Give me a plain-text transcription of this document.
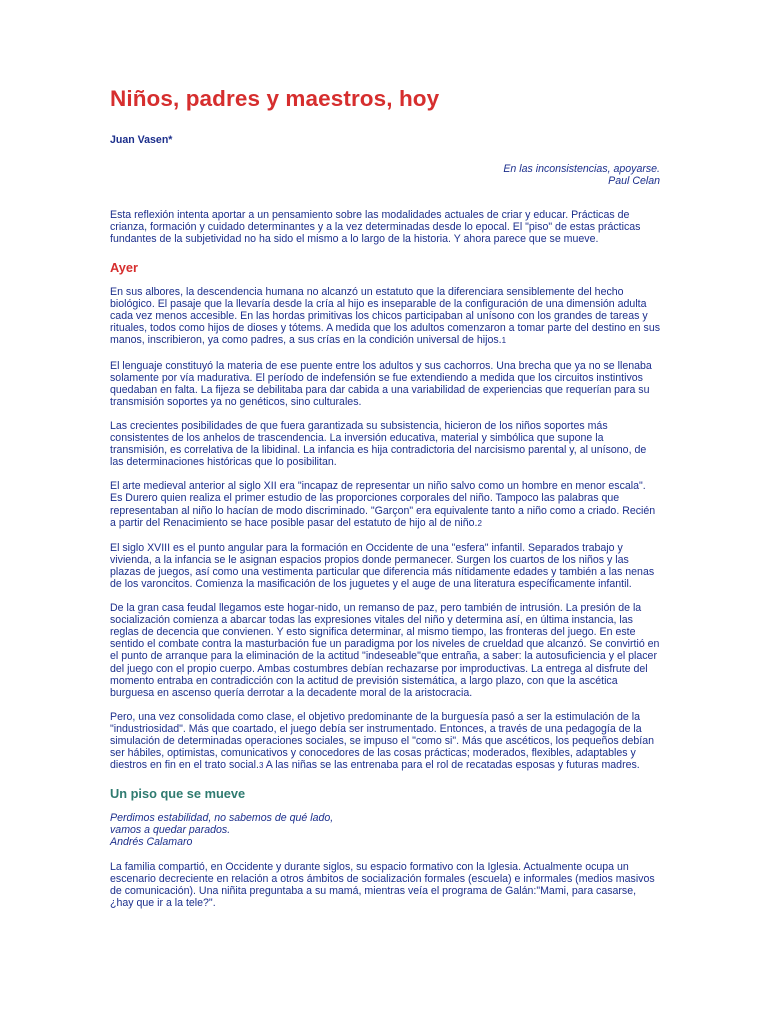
Niños, padres y maestros, hoy
Juan Vasen*
En las inconsistencias, apoyarse.
Paul Celan

Esta reflexión intenta aportar a un pensamiento sobre las modalidades actuales de criar y educar. Prácticas de crianza, formación y cuidado determinantes y a la vez determinadas desde lo epocal. El "piso" de estas prácticas fundantes de la subjetividad no ha sido el mismo a lo largo de la historia. Y ahora parece que se mueve.

Ayer

En sus albores, la descendencia humana no alcanzó un estatuto que la diferenciara sensiblemente del hecho biológico. El pasaje que la llevaría desde la cría al hijo es inseparable de la configuración de una dimensión adulta cada vez menos accesible. En las hordas primitivas los chicos participaban al unísono con los grandes de tareas y rituales, todos como hijos de dioses y tótems. A medida que los adultos comenzaron a tomar parte del destino en sus manos, inscribieron, ya como padres, a sus crías en la condición universal de hijos.1

El lenguaje constituyó la materia de ese puente entre los adultos y sus cachorros. Una brecha que ya no se llenaba solamente por vía madurativa. El período de indefensión se fue extendiendo a medida que los circuitos instintivos quedaban en falta. La fijeza se debilitaba para dar cabida a una variabilidad de experiencias que requerían para su transmisión soportes ya no genéticos, sino culturales.

Las crecientes posibilidades de que fuera garantizada su subsistencia, hicieron de los niños soportes más consistentes de los anhelos de trascendencia. La inversión educativa, material y simbólica que supone la transmisión, es correlativa de la libidinal. La infancia es hija contradictoria del narcisismo parental y, al unísono, de las determinaciones históricas que lo posibilitan.

El arte medieval anterior al siglo XII era "incapaz de representar un niño salvo como un hombre en menor escala". Es Durero quien realiza el primer estudio de las proporciones corporales del niño. Tampoco las palabras que representaban al niño lo hacían de modo discriminado. "Garçon" era equivalente tanto a niño como a criado. Recién a partir del Renacimiento se hace posible pasar del estatuto de hijo al de niño.2

El siglo XVIII es el punto angular para la formación en Occidente de una "esfera" infantil. Separados trabajo y vivienda, a la infancia se le asignan espacios propios donde permanecer. Surgen los cuartos de los niños y las plazas de juegos, así como una vestimenta particular que diferencia más nítidamente edades y también a las nenas de los varoncitos. Comienza la masificación de los juguetes y el auge de una literatura específicamente infantil.

De la gran casa feudal llegamos este hogar-nido, un remanso de paz, pero también de intrusión. La presión de la socialización comienza a abarcar todas las expresiones vitales del niño y determina así, en última instancia, las reglas de decencia que convienen. Y esto significa determinar, al mismo tiempo, las fronteras del juego. En este sentido el combate contra la masturbación fue un paradigma por los niveles de crueldad que alcanzó. Se convirtió en el punto de arranque para la eliminación de la actitud "indeseable"que entraña, a saber: la autosuficiencia y el placer del juego con el propio cuerpo. Ambas costumbres debían rechazarse por improductivas. La entrega al disfrute del momento entraba en contradicción con la actitud de previsión sistemática, a largo plazo, con que la ascética burguesa en ascenso quería derrotar a la decadente moral de la aristocracia.

Pero, una vez consolidada como clase, el objetivo predominante de la burguesía pasó a ser la estimulación de la "industriosidad". Más que coartado, el juego debía ser instrumentado. Entonces, a través de una pedagogía de la simulación de determinadas operaciones sociales, se impuso el "como si". Más que ascéticos, los pequeños debían ser hábiles, optimistas, comunicativos y conocedores de las cosas prácticas; moderados, flexibles, adaptables y diestros en fin en el trato social.3 A las niñas se las entrenaba para el rol de recatadas esposas y futuras madres.

Un piso que se mueve
Perdimos estabilidad, no sabemos de qué lado,
vamos a quedar parados.
Andrés Calamaro

La familia compartió, en Occidente y durante siglos, su espacio formativo con la Iglesia. Actualmente ocupa un escenario decreciente en relación a otros ámbitos de socialización formales (escuela) e informales (medios masivos de comunicación). Una niñita preguntaba a su mamá, mientras veía el programa de Galán:"Mami, para casarse, ¿hay que ir a la tele?".
